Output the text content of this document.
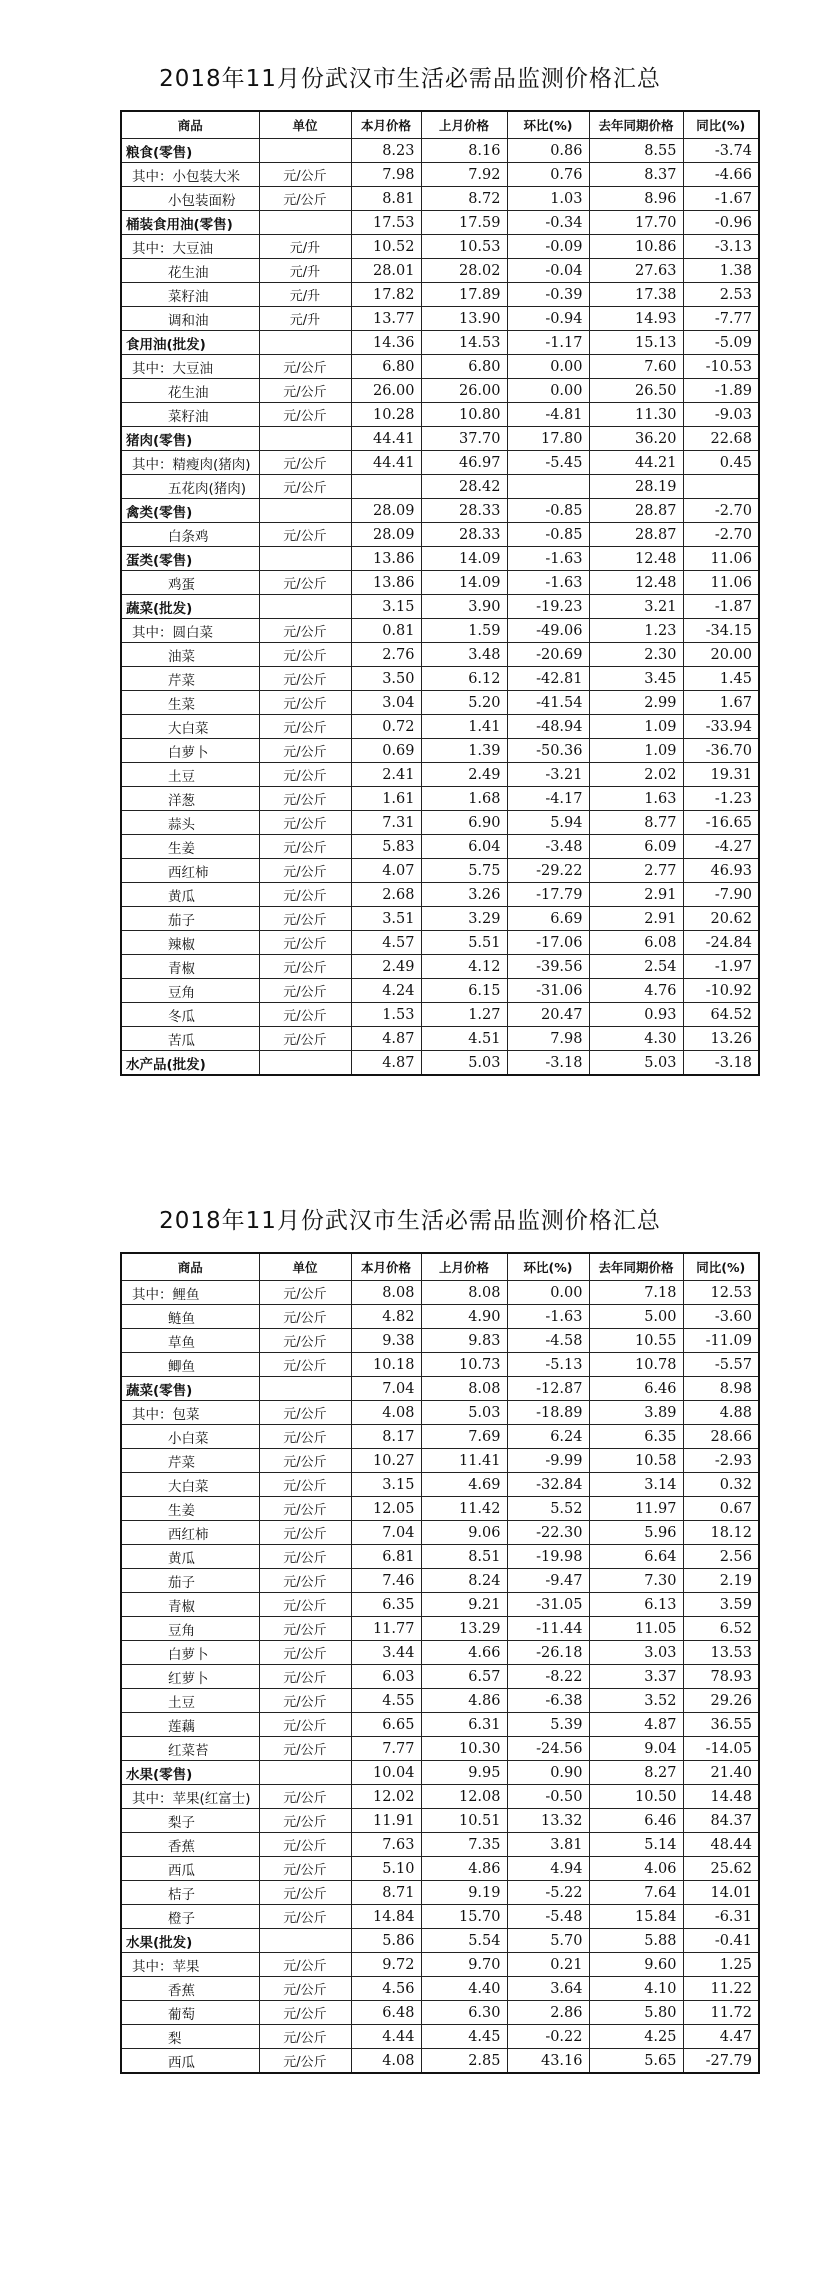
2018年11月份武汉市生活必需品监测价格汇总
商品	单位	本月价格	上月价格	环比(%)	去年同期价格	同比(%)
粮食(零售)		8.23	8.16	0.86	8.55	-3.74
其中：小包装大米	元/公斤	7.98	7.92	0.76	8.37	-4.66
小包装面粉	元/公斤	8.81	8.72	1.03	8.96	-1.67
桶装食用油(零售)		17.53	17.59	-0.34	17.70	-0.96
其中：大豆油	元/升	10.52	10.53	-0.09	10.86	-3.13
花生油	元/升	28.01	28.02	-0.04	27.63	1.38
菜籽油	元/升	17.82	17.89	-0.39	17.38	2.53
调和油	元/升	13.77	13.90	-0.94	14.93	-7.77
食用油(批发)		14.36	14.53	-1.17	15.13	-5.09
其中：大豆油	元/公斤	6.80	6.80	0.00	7.60	-10.53
花生油	元/公斤	26.00	26.00	0.00	26.50	-1.89
菜籽油	元/公斤	10.28	10.80	-4.81	11.30	-9.03
猪肉(零售)		44.41	37.70	17.80	36.20	22.68
其中：精瘦肉(猪肉)	元/公斤	44.41	46.97	-5.45	44.21	0.45
五花肉(猪肉)	元/公斤		28.42		28.19	
禽类(零售)		28.09	28.33	-0.85	28.87	-2.70
白条鸡	元/公斤	28.09	28.33	-0.85	28.87	-2.70
蛋类(零售)		13.86	14.09	-1.63	12.48	11.06
鸡蛋	元/公斤	13.86	14.09	-1.63	12.48	11.06
蔬菜(批发)		3.15	3.90	-19.23	3.21	-1.87
其中：圆白菜	元/公斤	0.81	1.59	-49.06	1.23	-34.15
油菜	元/公斤	2.76	3.48	-20.69	2.30	20.00
芹菜	元/公斤	3.50	6.12	-42.81	3.45	1.45
生菜	元/公斤	3.04	5.20	-41.54	2.99	1.67
大白菜	元/公斤	0.72	1.41	-48.94	1.09	-33.94
白萝卜	元/公斤	0.69	1.39	-50.36	1.09	-36.70
土豆	元/公斤	2.41	2.49	-3.21	2.02	19.31
洋葱	元/公斤	1.61	1.68	-4.17	1.63	-1.23
蒜头	元/公斤	7.31	6.90	5.94	8.77	-16.65
生姜	元/公斤	5.83	6.04	-3.48	6.09	-4.27
西红柿	元/公斤	4.07	5.75	-29.22	2.77	46.93
黄瓜	元/公斤	2.68	3.26	-17.79	2.91	-7.90
茄子	元/公斤	3.51	3.29	6.69	2.91	20.62
辣椒	元/公斤	4.57	5.51	-17.06	6.08	-24.84
青椒	元/公斤	2.49	4.12	-39.56	2.54	-1.97
豆角	元/公斤	4.24	6.15	-31.06	4.76	-10.92
冬瓜	元/公斤	1.53	1.27	20.47	0.93	64.52
苦瓜	元/公斤	4.87	4.51	7.98	4.30	13.26
水产品(批发)		4.87	5.03	-3.18	5.03	-3.18
2018年11月份武汉市生活必需品监测价格汇总
商品	单位	本月价格	上月价格	环比(%)	去年同期价格	同比(%)
其中：鲤鱼	元/公斤	8.08	8.08	0.00	7.18	12.53
鲢鱼	元/公斤	4.82	4.90	-1.63	5.00	-3.60
草鱼	元/公斤	9.38	9.83	-4.58	10.55	-11.09
鲫鱼	元/公斤	10.18	10.73	-5.13	10.78	-5.57
蔬菜(零售)		7.04	8.08	-12.87	6.46	8.98
其中：包菜	元/公斤	4.08	5.03	-18.89	3.89	4.88
小白菜	元/公斤	8.17	7.69	6.24	6.35	28.66
芹菜	元/公斤	10.27	11.41	-9.99	10.58	-2.93
大白菜	元/公斤	3.15	4.69	-32.84	3.14	0.32
生姜	元/公斤	12.05	11.42	5.52	11.97	0.67
西红柿	元/公斤	7.04	9.06	-22.30	5.96	18.12
黄瓜	元/公斤	6.81	8.51	-19.98	6.64	2.56
茄子	元/公斤	7.46	8.24	-9.47	7.30	2.19
青椒	元/公斤	6.35	9.21	-31.05	6.13	3.59
豆角	元/公斤	11.77	13.29	-11.44	11.05	6.52
白萝卜	元/公斤	3.44	4.66	-26.18	3.03	13.53
红萝卜	元/公斤	6.03	6.57	-8.22	3.37	78.93
土豆	元/公斤	4.55	4.86	-6.38	3.52	29.26
莲藕	元/公斤	6.65	6.31	5.39	4.87	36.55
红菜苔	元/公斤	7.77	10.30	-24.56	9.04	-14.05
水果(零售)		10.04	9.95	0.90	8.27	21.40
其中：苹果(红富士)	元/公斤	12.02	12.08	-0.50	10.50	14.48
梨子	元/公斤	11.91	10.51	13.32	6.46	84.37
香蕉	元/公斤	7.63	7.35	3.81	5.14	48.44
西瓜	元/公斤	5.10	4.86	4.94	4.06	25.62
桔子	元/公斤	8.71	9.19	-5.22	7.64	14.01
橙子	元/公斤	14.84	15.70	-5.48	15.84	-6.31
水果(批发)		5.86	5.54	5.70	5.88	-0.41
其中：苹果	元/公斤	9.72	9.70	0.21	9.60	1.25
香蕉	元/公斤	4.56	4.40	3.64	4.10	11.22
葡萄	元/公斤	6.48	6.30	2.86	5.80	11.72
梨	元/公斤	4.44	4.45	-0.22	4.25	4.47
西瓜	元/公斤	4.08	2.85	43.16	5.65	-27.79
